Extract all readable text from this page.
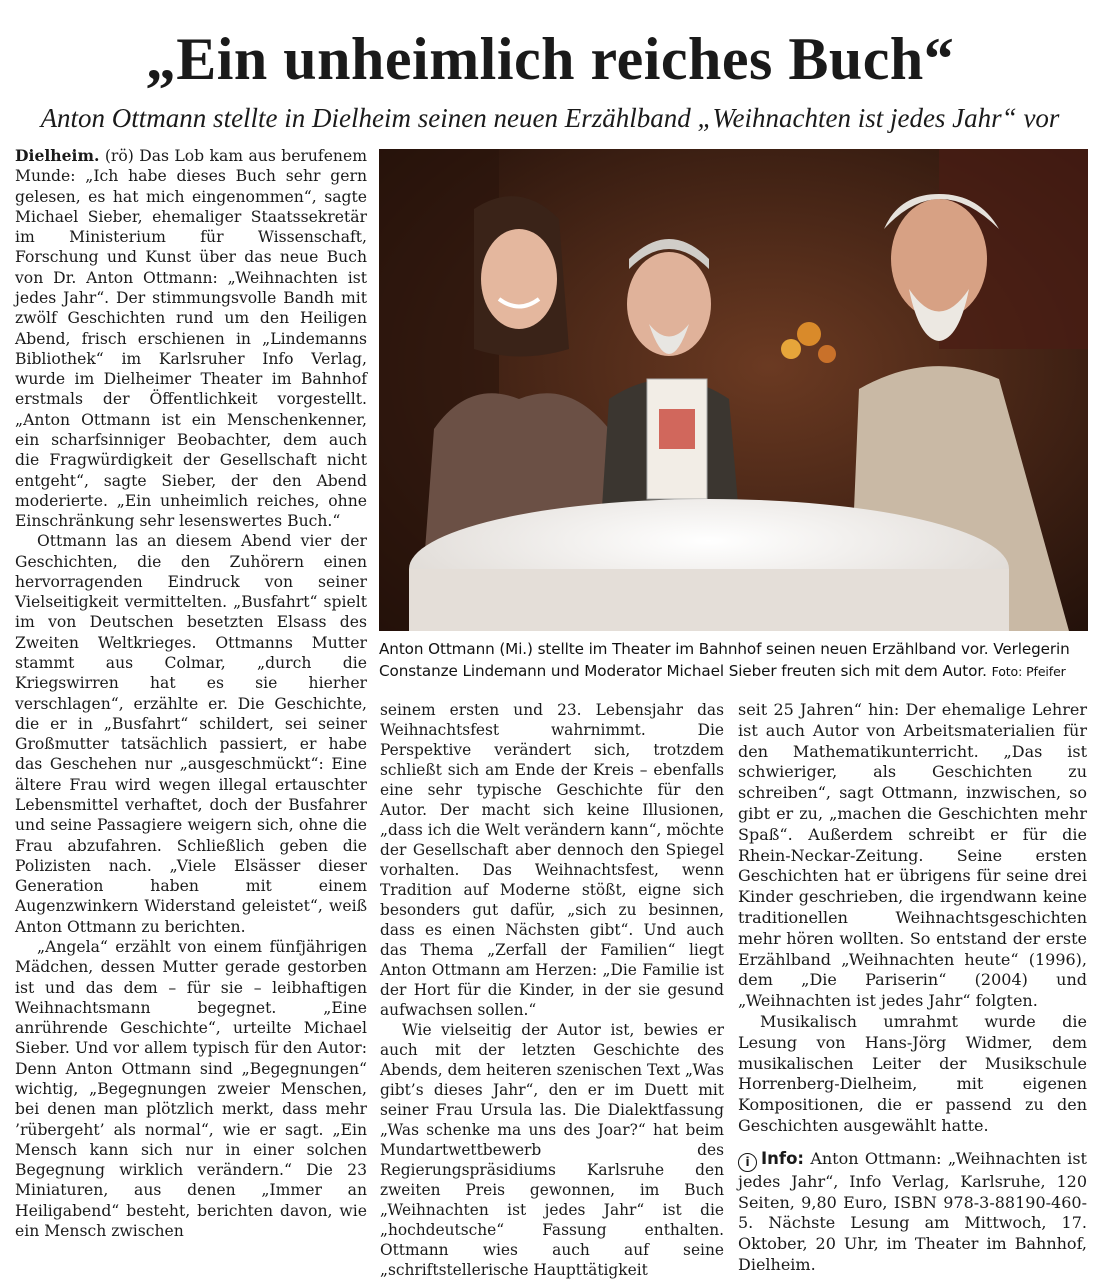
„Ein unheimlich reiches Buch“

Anton Ottmann stellte in Dielheim seinen neuen Erzählband „Weihnachten ist jedes Jahr“ vor

Dielheim. (rö) Das Lob kam aus berufenem Munde: „Ich habe dieses Buch sehr gern gelesen, es hat mich eingenommen“, sagte Michael Sieber, ehemaliger Staatssekretär im Ministerium für Wissenschaft, Forschung und Kunst über das neue Buch von Dr. Anton Ottmann: „Weihnachten ist jedes Jahr“. Der stimmungsvolle Bandh mit zwölf Geschichten rund um den Heiligen Abend, frisch erschienen in „Lindemanns Bibliothek“ im Karlsruher Info Verlag, wurde im Dielheimer Theater im Bahnhof erstmals der Öffentlichkeit vorgestellt. „Anton Ottmann ist ein Menschenkenner, ein scharfsinniger Beobachter, dem auch die Fragwürdigkeit der Gesellschaft nicht entgeht“, sagte Sieber, der den Abend moderierte. „Ein unheimlich reiches, ohne Einschränkung sehr lesenswertes Buch.“

Ottmann las an diesem Abend vier der Geschichten, die den Zuhörern einen hervorragenden Eindruck von seiner Vielseitigkeit vermittelten. „Busfahrt“ spielt im von Deutschen besetzten Elsass des Zweiten Weltkrieges. Ottmanns Mutter stammt aus Colmar, „durch die Kriegswirren hat es sie hierher verschlagen“, erzählte er. Die Geschichte, die er in „Busfahrt“ schildert, sei seiner Großmutter tatsächlich passiert, er habe das Geschehen nur „ausgeschmückt“: Eine ältere Frau wird wegen illegal ertauschter Lebensmittel verhaftet, doch der Busfahrer und seine Passagiere weigern sich, ohne die Frau abzufahren. Schließlich geben die Polizisten nach. „Viele Elsässer dieser Generation haben mit einem Augenzwinkern Widerstand geleistet“, weiß Anton Ottmann zu berichten.

„Angela“ erzählt von einem fünfjährigen Mädchen, dessen Mutter gerade gestorben ist und das dem – für sie – leibhaftigen Weihnachtsmann begegnet. „Eine anrührende Geschichte“, urteilte Michael Sieber. Und vor allem typisch für den Autor: Denn Anton Ottmann sind „Begegnungen“ wichtig, „Begegnungen zweier Menschen, bei denen man plötzlich merkt, dass mehr ’rübergeht’ als normal“, wie er sagt. „Ein Mensch kann sich nur in einer solchen Begegnung wirklich verändern.“ Die 23 Miniaturen, aus denen „Immer an Heiligabend“ besteht, berichten davon, wie ein Mensch zwischen

Anton Ottmann (Mi.) stellte im Theater im Bahnhof seinen neuen Erzählband vor. Verlegerin Constanze Lindemann und Moderator Michael Sieber freuten sich mit dem Autor. Foto: Pfeifer

seinem ersten und 23. Lebensjahr das Weihnachtsfest wahrnimmt. Die Perspektive verändert sich, trotzdem schließt sich am Ende der Kreis – ebenfalls eine sehr typische Geschichte für den Autor. Der macht sich keine Illusionen, „dass ich die Welt verändern kann“, möchte der Gesellschaft aber dennoch den Spiegel vorhalten. Das Weihnachtsfest, wenn Tradition auf Moderne stößt, eigne sich besonders gut dafür, „sich zu besinnen, dass es einen Nächsten gibt“. Und auch das Thema „Zerfall der Familien“ liegt Anton Ottmann am Herzen: „Die Familie ist der Hort für die Kinder, in der sie gesund aufwachsen sollen.“

Wie vielseitig der Autor ist, bewies er auch mit der letzten Geschichte des Abends, dem heiteren szenischen Text „Was gibt’s dieses Jahr“, den er im Duett mit seiner Frau Ursula las. Die Dialektfassung „Was schenke ma uns des Joar?“ hat beim Mundartwettbewerb des Regierungspräsidiums Karlsruhe den zweiten Preis gewonnen, im Buch „Weihnachten ist jedes Jahr“ ist die „hochdeutsche“ Fassung enthalten. Ottmann wies auch auf seine „schriftstellerische Haupttätigkeit

seit 25 Jahren“ hin: Der ehemalige Lehrer ist auch Autor von Arbeitsmaterialien für den Mathematikunterricht. „Das ist schwieriger, als Geschichten zu schreiben“, sagt Ottmann, inzwischen, so gibt er zu, „machen die Geschichten mehr Spaß“. Außerdem schreibt er für die Rhein-Neckar-Zeitung. Seine ersten Geschichten hat er übrigens für seine drei Kinder geschrieben, die irgendwann keine traditionellen Weihnachtsgeschichten mehr hören wollten. So entstand der erste Erzählband „Weihnachten heute“ (1996), dem „Die Pariserin“ (2004) und „Weihnachten ist jedes Jahr“ folgten.

Musikalisch umrahmt wurde die Lesung von Hans-Jörg Widmer, dem musikalischen Leiter der Musikschule Horrenberg-Dielheim, mit eigenen Kompositionen, die er passend zu den Geschichten ausgewählt hatte.

i Info: Anton Ottmann: „Weihnachten ist jedes Jahr“, Info Verlag, Karlsruhe, 120 Seiten, 9,80 Euro, ISBN 978-3-88190-460-5. Nächste Lesung am Mittwoch, 17. Oktober, 20 Uhr, im Theater im Bahnhof, Dielheim.
